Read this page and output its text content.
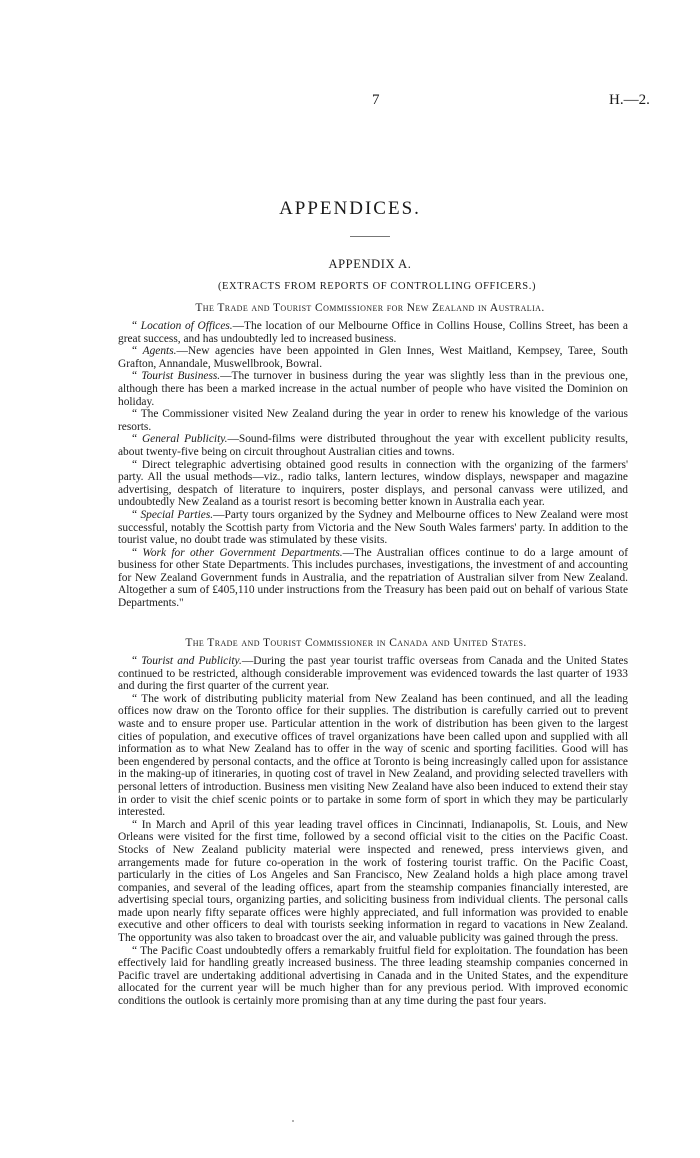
7	H.—2.
APPENDICES.
APPENDIX A.
(EXTRACTS FROM REPORTS OF CONTROLLING OFFICERS.)
The Trade and Tourist Commissioner for New Zealand in Australia.

“ Location of Offices.—The location of our Melbourne Office in Collins House, Collins Street, has been a great success, and has undoubtedly led to increased business.

“ Agents.—New agencies have been appointed in Glen Innes, West Maitland, Kempsey, Taree, South Grafton, Annandale, Muswellbrook, Bowral.

“ Tourist Business.—The turnover in business during the year was slightly less than in the previous one, although there has been a marked increase in the actual number of people who have visited the Dominion on holiday.

“ The Commissioner visited New Zealand during the year in order to renew his knowledge of the various resorts.

“ General Publicity.—Sound-films were distributed throughout the year with excellent publicity results, about twenty-five being on circuit throughout Australian cities and towns.

“ Direct telegraphic advertising obtained good results in connection with the organizing of the farmers' party. All the usual methods—viz., radio talks, lantern lectures, window displays, newspaper and magazine advertising, despatch of literature to inquirers, poster displays, and personal canvass were utilized, and undoubtedly New Zealand as a tourist resort is becoming better known in Australia each year.

“ Special Parties.—Party tours organized by the Sydney and Melbourne offices to New Zealand were most successful, notably the Scottish party from Victoria and the New South Wales farmers' party. In addition to the tourist value, no doubt trade was stimulated by these visits.

“ Work for other Government Departments.—The Australian offices continue to do a large amount of business for other State Departments. This includes purchases, investigations, the investment of and accounting for New Zealand Government funds in Australia, and the repatriation of Australian silver from New Zealand. Altogether a sum of £405,110 under instructions from the Treasury has been paid out on behalf of various State Departments."

The Trade and Tourist Commissioner in Canada and United States.

“ Tourist and Publicity.—During the past year tourist traffic overseas from Canada and the United States continued to be restricted, although considerable improvement was evidenced towards the last quarter of 1933 and during the first quarter of the current year.

“ The work of distributing publicity material from New Zealand has been continued, and all the leading offices now draw on the Toronto office for their supplies. The distribution is carefully carried out to prevent waste and to ensure proper use. Particular attention in the work of distribution has been given to the largest cities of population, and executive offices of travel organizations have been called upon and supplied with all information as to what New Zealand has to offer in the way of scenic and sporting facilities. Good will has been engendered by personal contacts, and the office at Toronto is being increasingly called upon for assistance in the making-up of itineraries, in quoting cost of travel in New Zealand, and providing selected travellers with personal letters of introduction. Business men visiting New Zealand have also been induced to extend their stay in order to visit the chief scenic points or to partake in some form of sport in which they may be particularly interested.

“ In March and April of this year leading travel offices in Cincinnati, Indianapolis, St. Louis, and New Orleans were visited for the first time, followed by a second official visit to the cities on the Pacific Coast. Stocks of New Zealand publicity material were inspected and renewed, press interviews given, and arrangements made for future co-operation in the work of fostering tourist traffic. On the Pacific Coast, particularly in the cities of Los Angeles and San Francisco, New Zealand holds a high place among travel companies, and several of the leading offices, apart from the steamship companies financially interested, are advertising special tours, organizing parties, and soliciting business from individual clients. The personal calls made upon nearly fifty separate offices were highly appreciated, and full information was provided to enable executive and other officers to deal with tourists seeking information in regard to vacations in New Zealand. The opportunity was also taken to broadcast over the air, and valuable publicity was gained through the press.

“ The Pacific Coast undoubtedly offers a remarkably fruitful field for exploitation. The foundation has been effectively laid for handling greatly increased business. The three leading steamship companies concerned in Pacific travel are undertaking additional advertising in Canada and in the United States, and the expenditure allocated for the current year will be much higher than for any previous period. With improved economic conditions the outlook is certainly more promising than at any time during the past four years.
